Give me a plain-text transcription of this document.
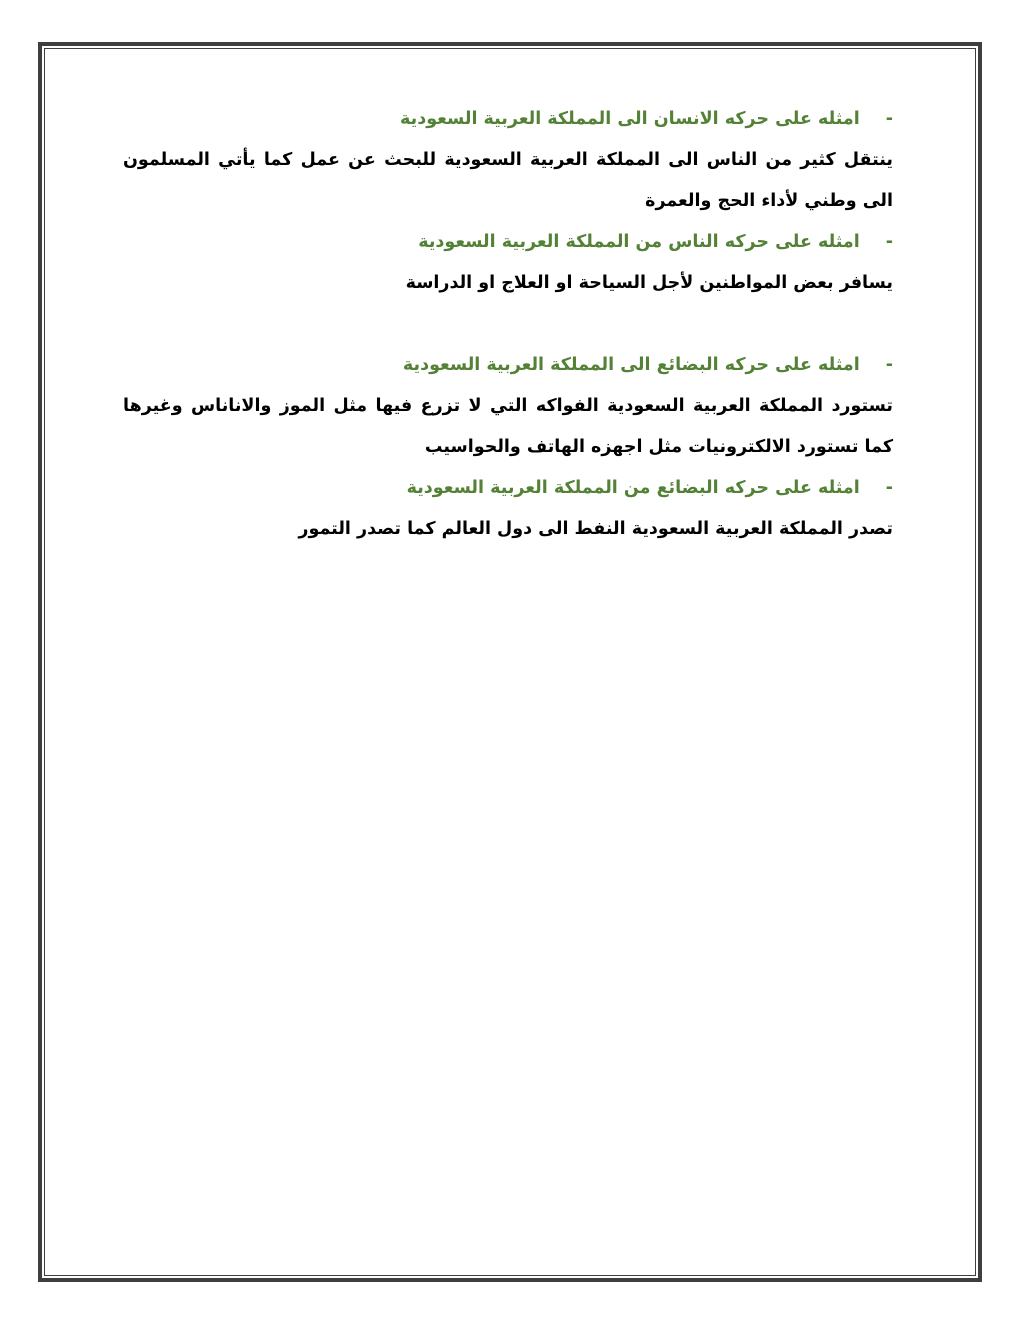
-امثله على حركه الانسان الى المملكة العربية السعودية

ينتقل كثير من الناس الى المملكة العربية السعودية للبحث عن عمل كما يأتي المسلمون الى وطني لأداء الحج والعمرة

-امثله على حركه الناس من المملكة العربية السعودية

يسافر بعض المواطنين لأجل السياحة او العلاج او الدراسة

-امثله على حركه البضائع الى المملكة العربية السعودية

تستورد المملكة العربية السعودية الفواكه التي لا تزرع فيها مثل الموز والاناناس وغيرها كما تستورد الالكترونيات مثل اجهزه الهاتف والحواسيب

-امثله على حركه البضائع من المملكة العربية السعودية

تصدر المملكة العربية السعودية النفط الى دول العالم كما تصدر التمور
